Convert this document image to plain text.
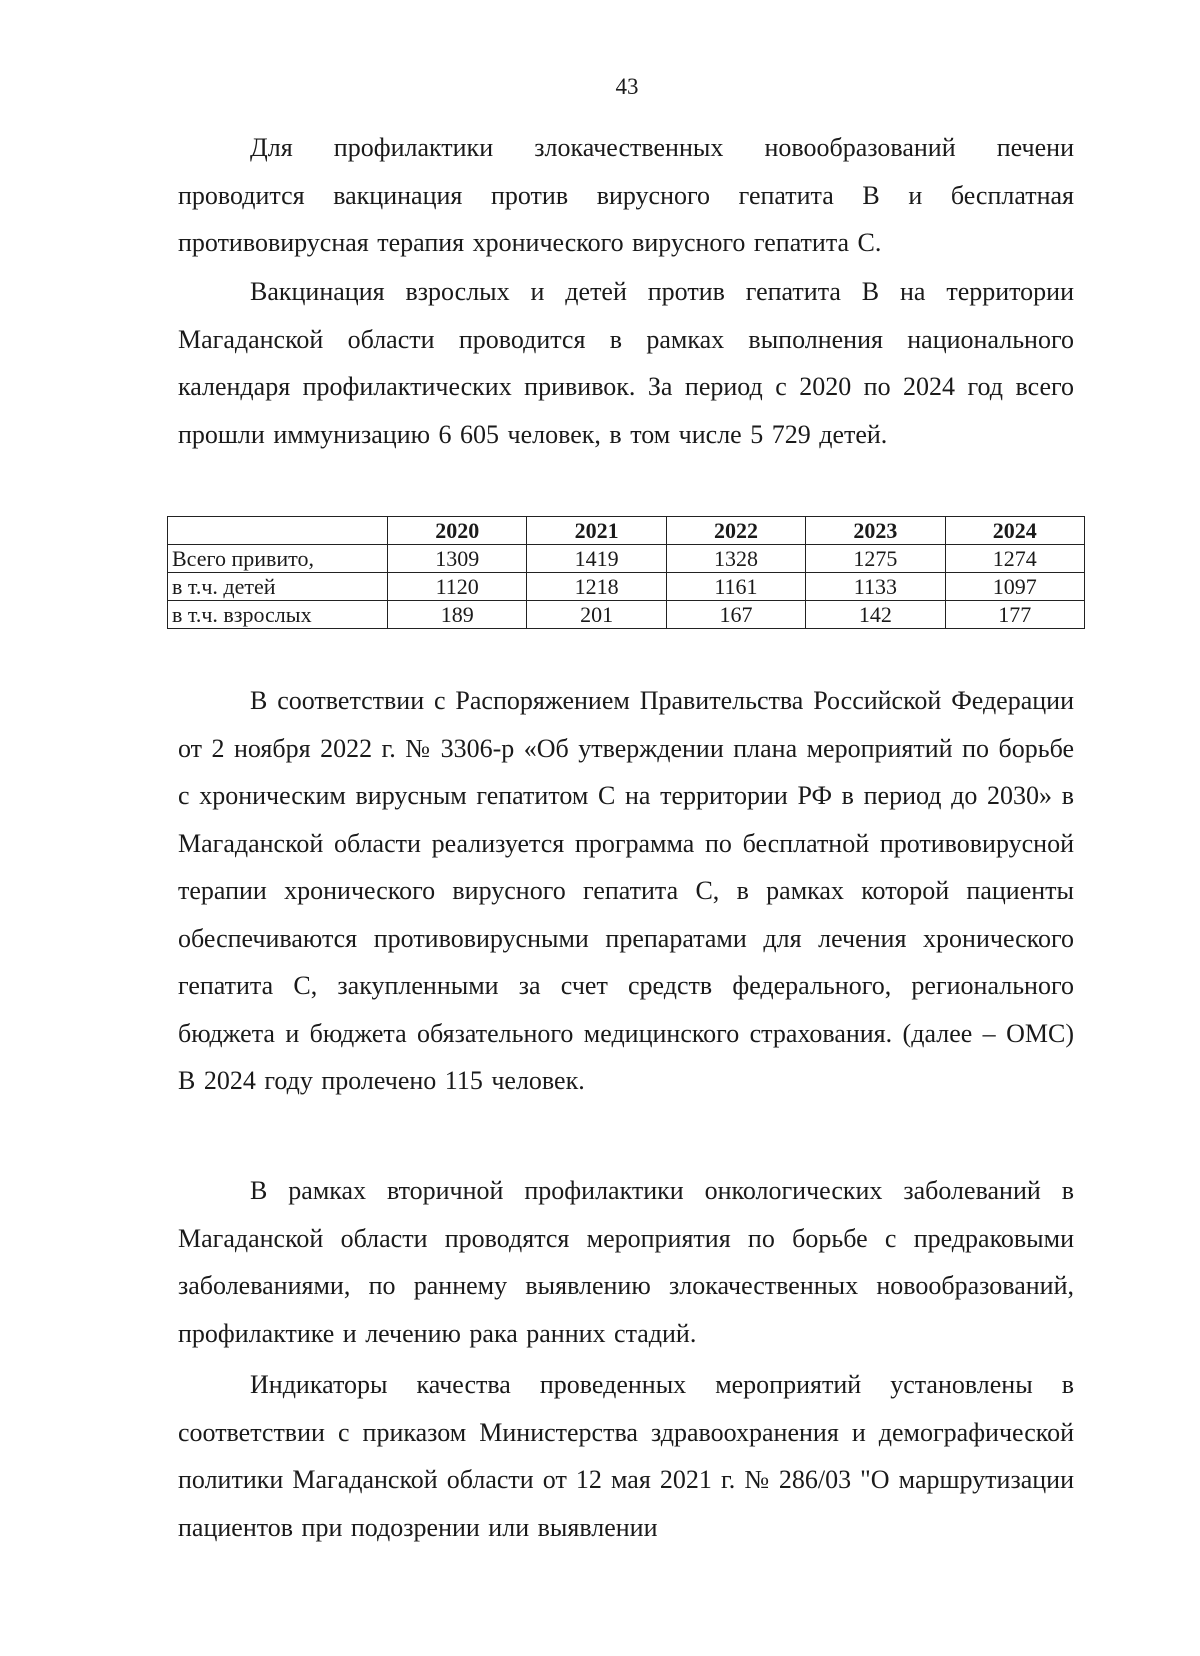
43
Для профилактики злокачественных новообразований печени проводится вакцинация против вирусного гепатита В и бесплатная противовирусная терапия хронического вирусного гепатита С.
Вакцинация взрослых и детей против гепатита В на территории Магаданской области проводится в рамках выполнения национального календаря профилактических прививок. За период с 2020 по 2024 год всего прошли иммунизацию 6 605 человек, в том числе 5 729 детей.
	2020	2021	2022	2023	2024
Всего привито,	1309	1419	1328	1275	1274
в т.ч. детей	1120	1218	1161	1133	1097
в т.ч. взрослых	189	201	167	142	177
В соответствии с Распоряжением Правительства Российской Федерации от 2 ноября 2022 г. № 3306-р «Об утверждении плана мероприятий по борьбе с хроническим вирусным гепатитом С на территории РФ в период до 2030» в Магаданской области реализуется программа по бесплатной противовирусной терапии хронического вирусного гепатита С, в рамках которой пациенты обеспечиваются противовирусными препаратами для лечения хронического гепатита С, закупленными за счет средств федерального, регионального бюджета и бюджета обязательного медицинского страхования. (далее – ОМС) В 2024 году пролечено 115 человек.
В рамках вторичной профилактики онкологических заболеваний в Магаданской области проводятся мероприятия по борьбе с предраковыми заболеваниями, по раннему выявлению злокачественных новообразований, профилактике и лечению рака ранних стадий.
Индикаторы качества проведенных мероприятий установлены в соответствии с приказом Министерства здравоохранения и демографической политики Магаданской области от 12 мая 2021 г. № 286/03 "О маршрутизации пациентов при подозрении или выявлении
